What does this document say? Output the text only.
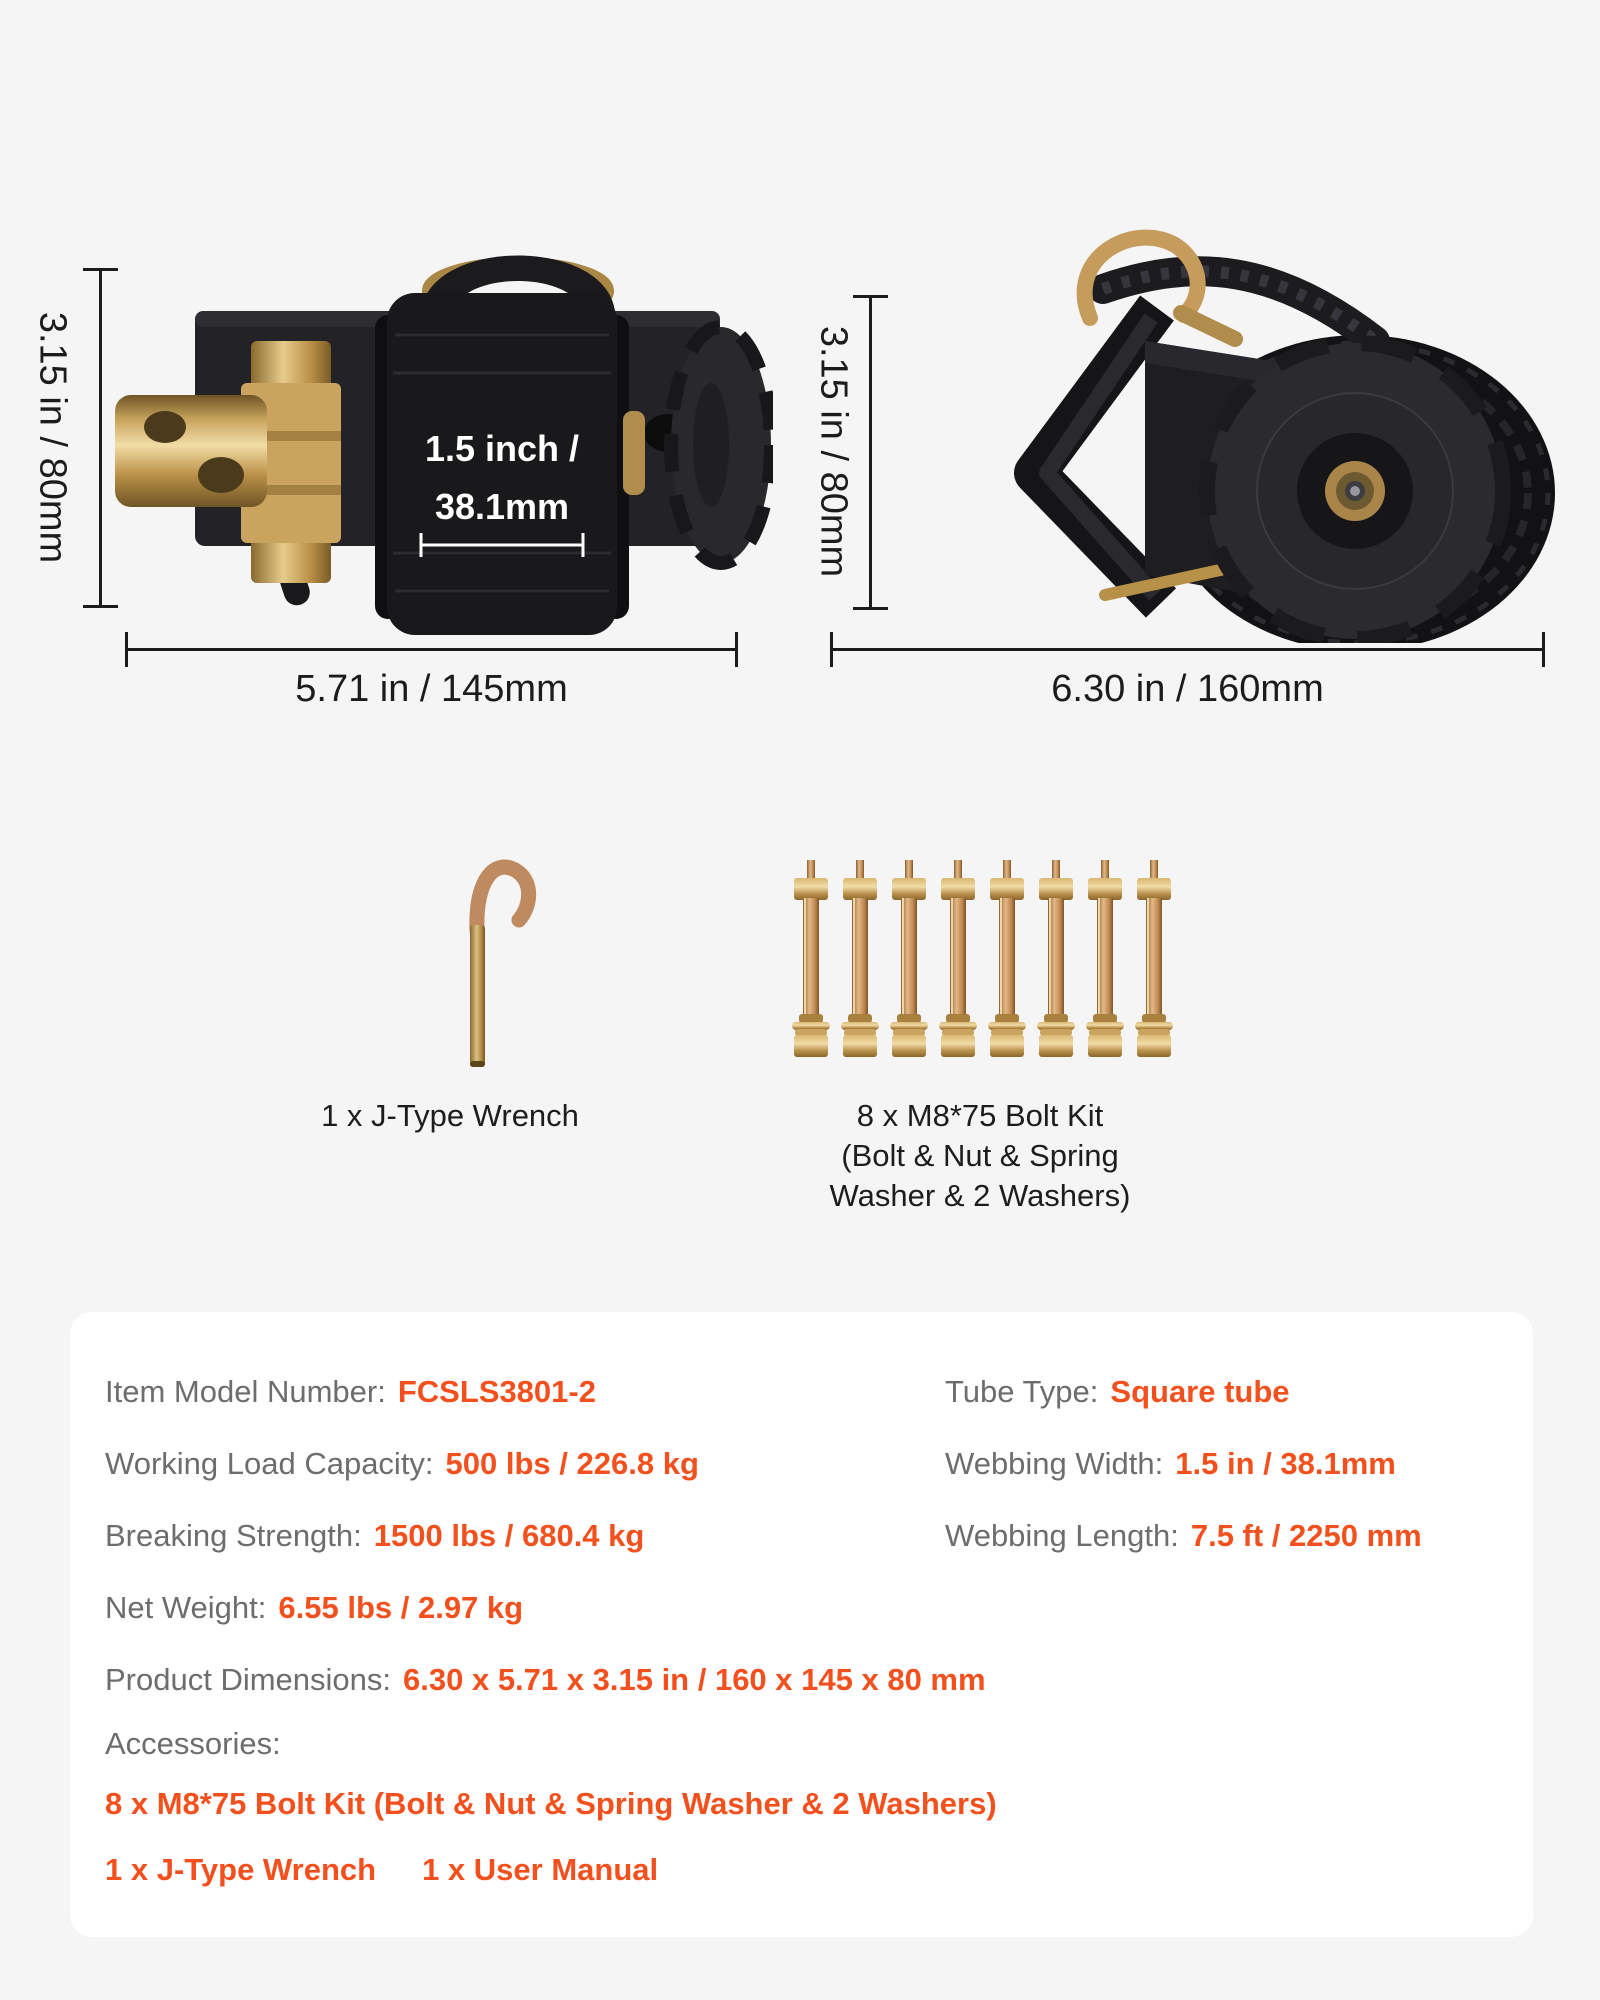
1.5 inch /
38.1mm
3.15 in / 80mm
5.71 in / 145mm
3.15 in / 80mm
6.30 in / 160mm
1 x J-Type Wrench	8 x M8*75 Bolt Kit
(Bolt & Nut & Spring
Washer & 2 Washers)
Item Model Number: FCSLS3801-2	Tube Type: Square tube
Working Load Capacity: 500 lbs / 226.8 kg	Webbing Width: 1.5 in / 38.1mm
Breaking Strength: 1500 lbs / 680.4 kg	Webbing Length: 7.5 ft / 2250 mm
Net Weight: 6.55 lbs / 2.97 kg
Product Dimensions: 6.30 x 5.71 x 3.15 in / 160 x 145 x 80 mm
Accessories:
8 x M8*75 Bolt Kit (Bolt & Nut & Spring Washer & 2 Washers)
1 x J-Type Wrench 1 x User Manual
